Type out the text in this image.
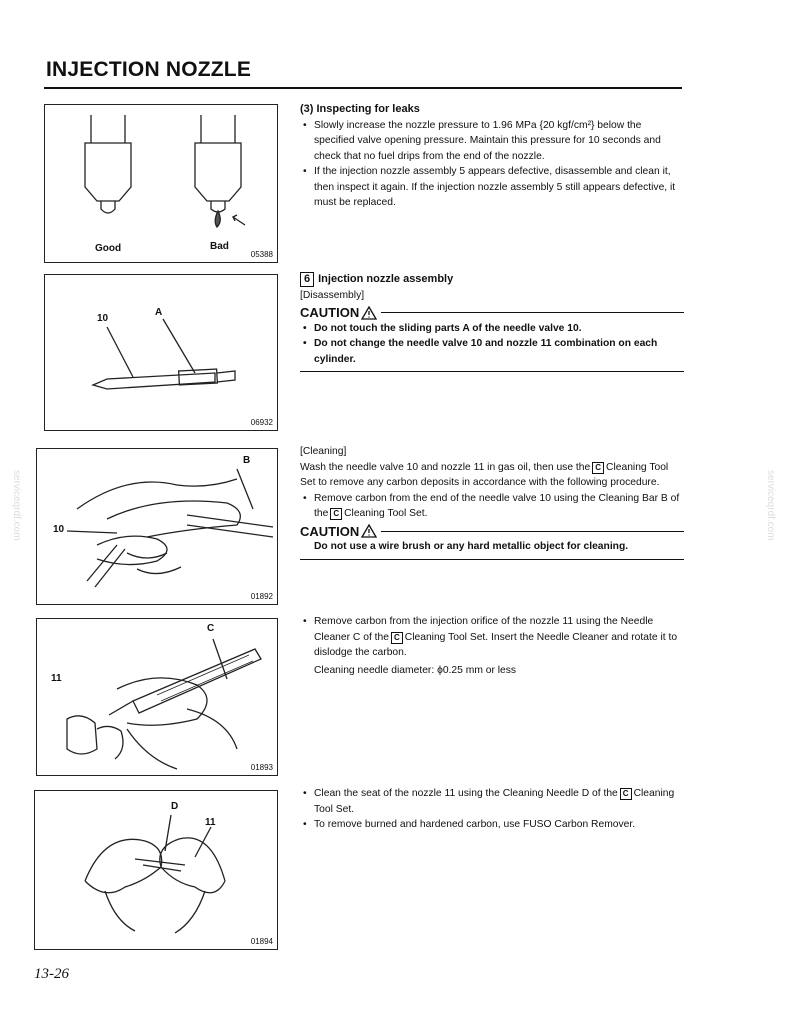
INJECTION NOZZLE
Good	Bad
05388
10
A
06932
B
10
01892
C
11
01893
D
11
01894
(3) Inspecting for leaks
• Slowly increase the nozzle pressure to 1.96 MPa {20 kgf/cm²} below the specified valve opening pressure. Maintain this pressure for 10 seconds and check that no fuel drips from the end of the nozzle.
• If the injection nozzle assembly 5 appears defective, disassemble and clean it, then inspect it again. If the injection nozzle assembly 5 still appears defective, it must be replaced.
6 Injection nozzle assembly
[Disassembly]
CAUTION
• Do not touch the sliding parts A of the needle valve 10.
• Do not change the needle valve 10 and nozzle 11 combination on each cylinder.
[Cleaning]
Wash the needle valve 10 and nozzle 11 in gas oil, then use the C Cleaning Tool Set to remove any carbon deposits in accordance with the following procedure.
• Remove carbon from the end of the needle valve 10 using the Cleaning Bar B of the C Cleaning Tool Set.
CAUTION
Do not use a wire brush or any hard metallic object for cleaning.
• Remove carbon from the injection orifice of the nozzle 11 using the Needle Cleaner C of the C Cleaning Tool Set. Insert the Needle Cleaner and rotate it to dislodge the carbon.
Cleaning needle diameter: ϕ0.25 mm or less
• Clean the seat of the nozzle 11 using the Cleaning Needle D of the C Cleaning Tool Set.
• To remove burned and hardened carbon, use FUSO Carbon Remover.
13-26
serviceqrdf.com	serviceqrdf.com
